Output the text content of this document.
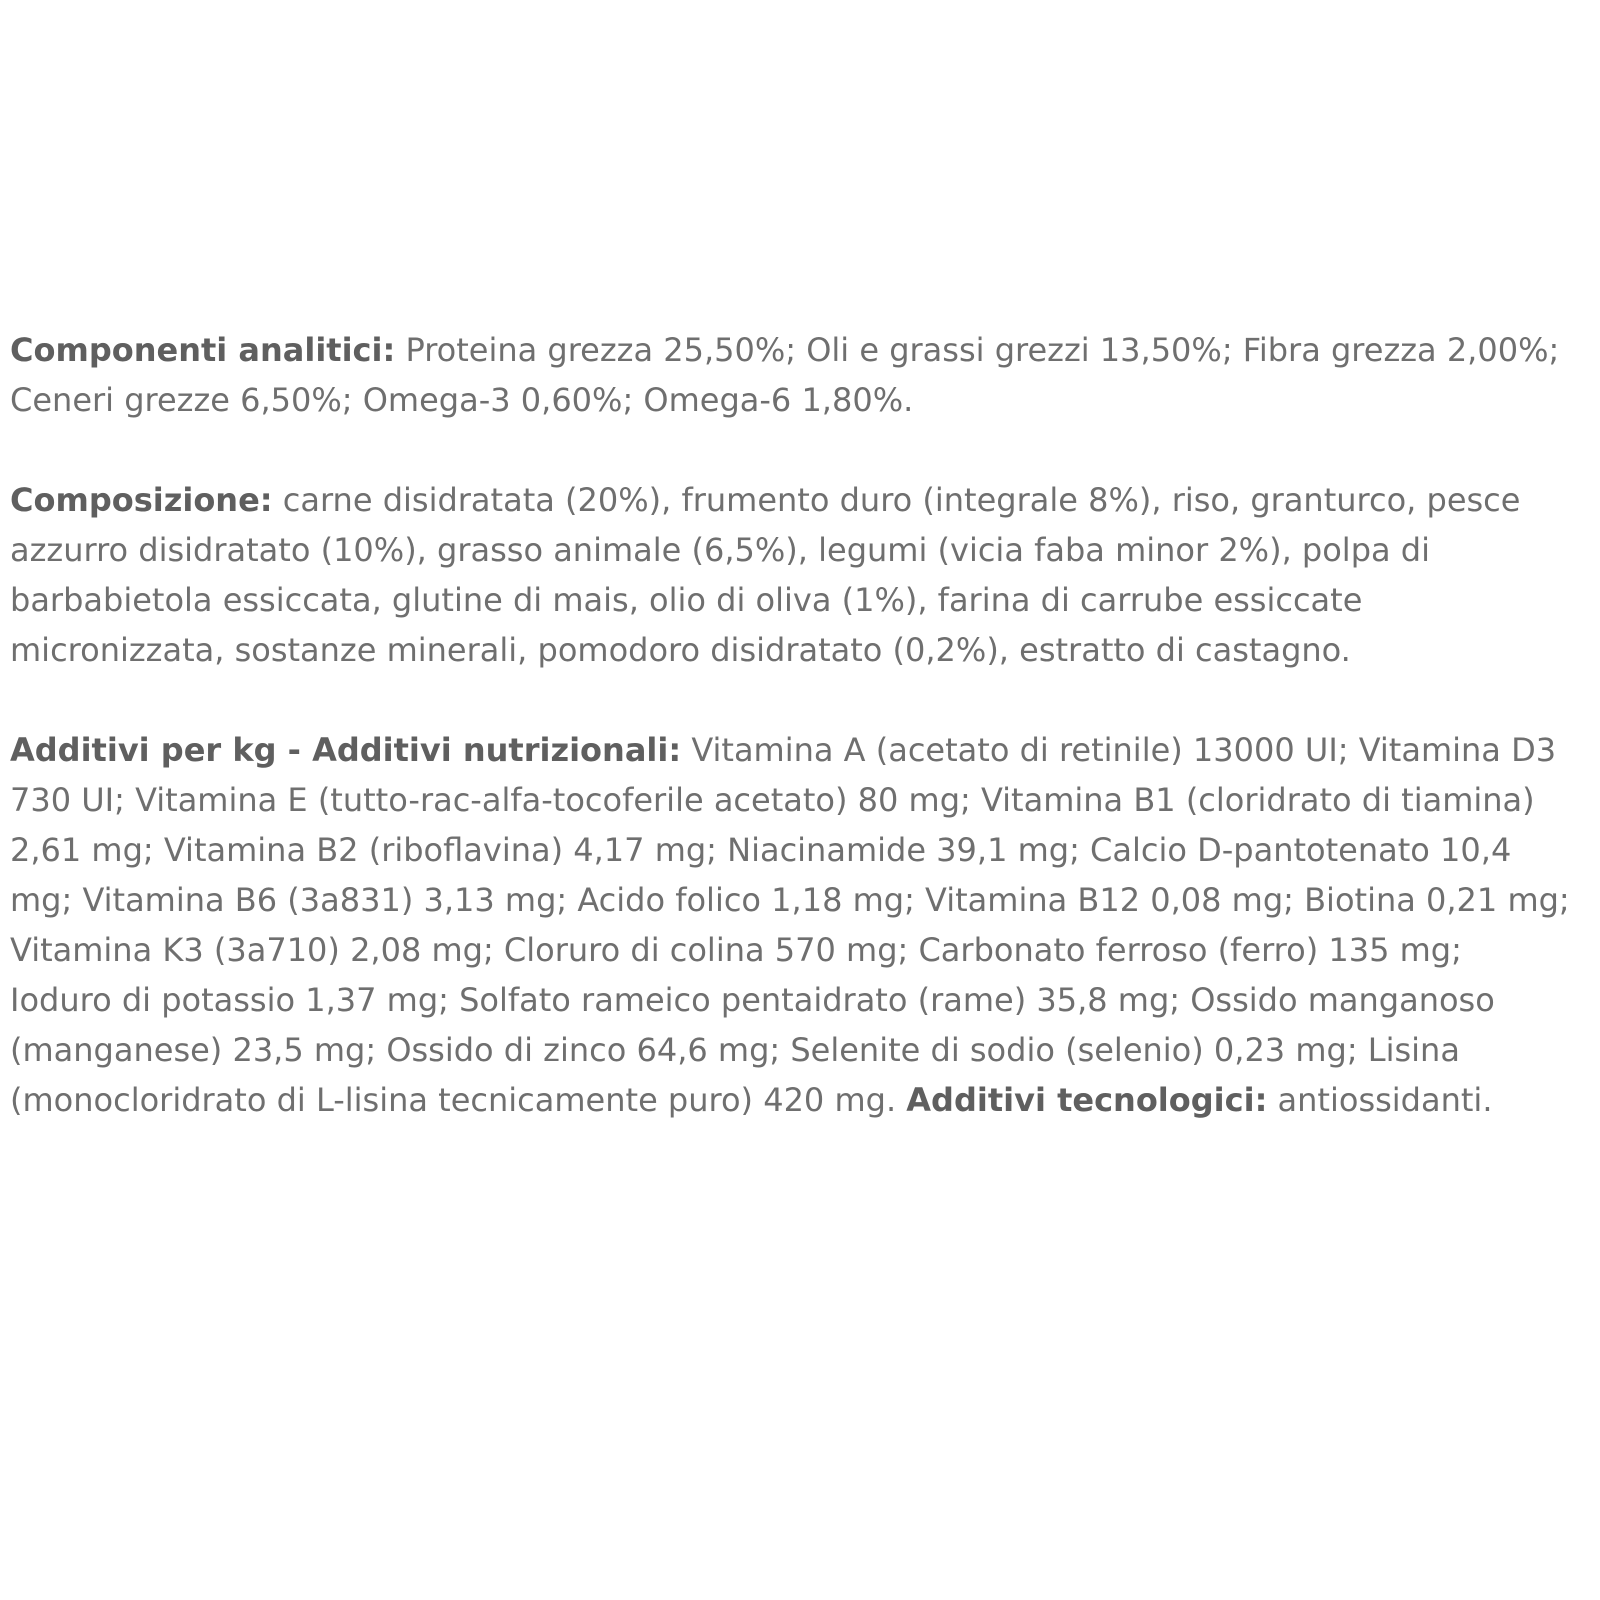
Componenti analitici: Proteina grezza 25,50%; Oli e grassi grezzi 13,50%; Fibra grezza 2,00%; Ceneri grezze 6,50%; Omega-3 0,60%; Omega-6 1,80%.

Composizione: carne disidratata (20%), frumento duro (integrale 8%), riso, granturco, pesce azzurro disidratato (10%), grasso animale (6,5%), legumi (vicia faba minor 2%), polpa di barbabietola essiccata, glutine di mais, olio di oliva (1%), farina di carrube essiccate micronizzata, sostanze minerali, pomodoro disidratato (0,2%), estratto di castagno.

Additivi per kg - Additivi nutrizionali: Vitamina A (acetato di retinile) 13000 UI; Vitamina D3 730 UI; Vitamina E (tutto-rac-alfa-tocoferile acetato) 80 mg; Vitamina B1 (cloridrato di tiamina) 2,61 mg; Vitamina B2 (riboflavina) 4,17 mg; Niacinamide 39,1 mg; Calcio D-pantotenato 10,4 mg; Vitamina B6 (3a831) 3,13 mg; Acido folico 1,18 mg; Vitamina B12 0,08 mg; Biotina 0,21 mg; Vitamina K3 (3a710) 2,08 mg; Cloruro di colina 570 mg; Carbonato ferroso (ferro) 135 mg; Ioduro di potassio 1,37 mg; Solfato rameico pentaidrato (rame) 35,8 mg; Ossido manganoso (manganese) 23,5 mg; Ossido di zinco 64,6 mg; Selenite di sodio (selenio) 0,23 mg; Lisina (monocloridrato di L-lisina tecnicamente puro) 420 mg. Additivi tecnologici: antiossidanti.
